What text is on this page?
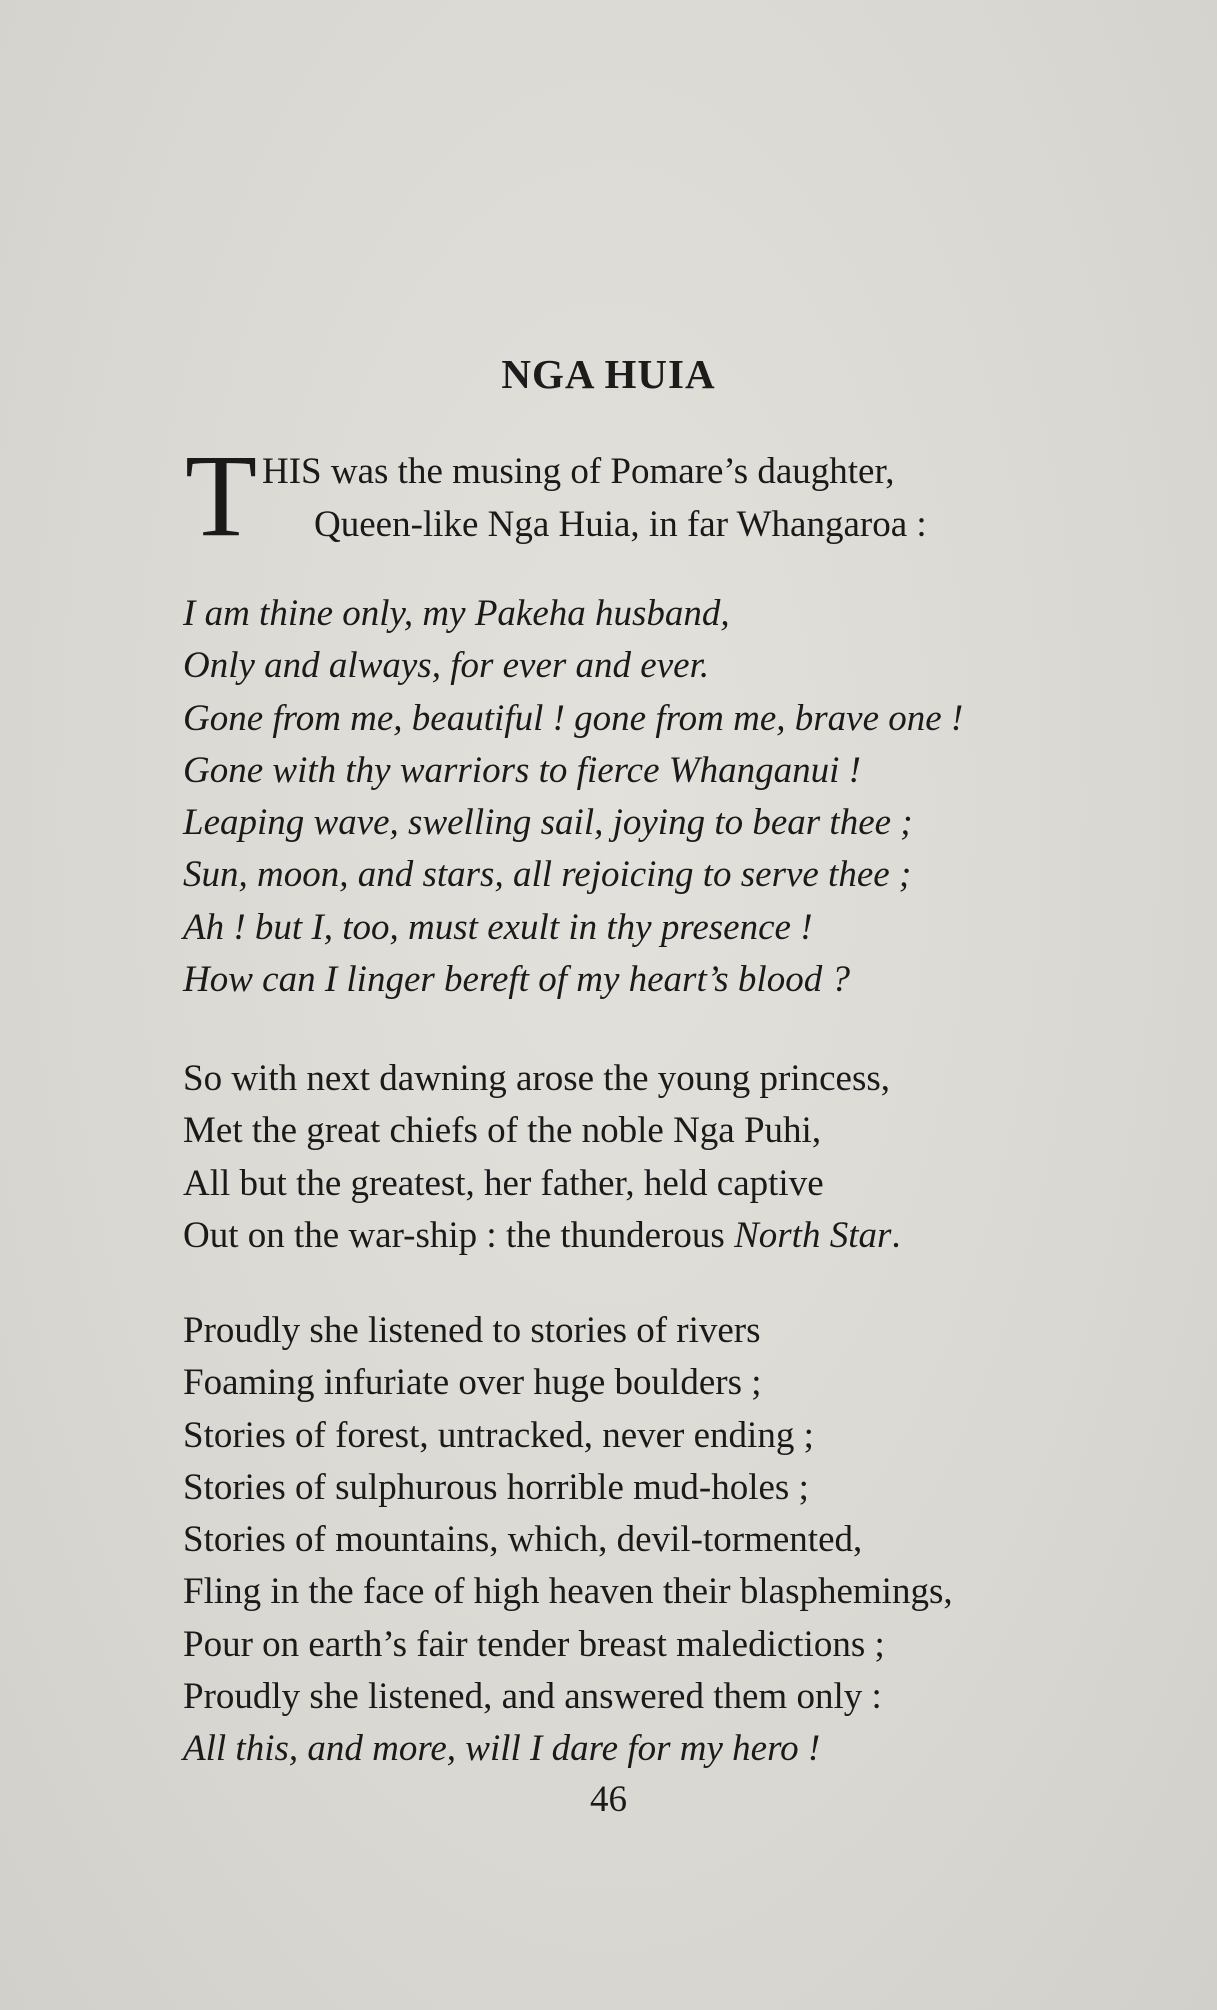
NGA HUIA
T HIS was the musing of Pomare’s daughter,
Queen-like Nga Huia, in far Whangaroa :
I am thine only, my Pakeha husband,
Only and always, for ever and ever.
Gone from me, beautiful ! gone from me, brave one !
Gone with thy warriors to fierce Whanganui !
Leaping wave, swelling sail, joying to bear thee ;
Sun, moon, and stars, all rejoicing to serve thee ;
Ah ! but I, too, must exult in thy presence !
How can I linger bereft of my heart’s blood ?
So with next dawning arose the young princess,
Met the great chiefs of the noble Nga Puhi,
All but the greatest, her father, held captive
Out on the war-ship : the thunderous North Star.
Proudly she listened to stories of rivers
Foaming infuriate over huge boulders ;
Stories of forest, untracked, never ending ;
Stories of sulphurous horrible mud-holes ;
Stories of mountains, which, devil-tormented,
Fling in the face of high heaven their blasphemings,
Pour on earth’s fair tender breast maledictions ;
Proudly she listened, and answered them only :
All this, and more, will I dare for my hero !
46
